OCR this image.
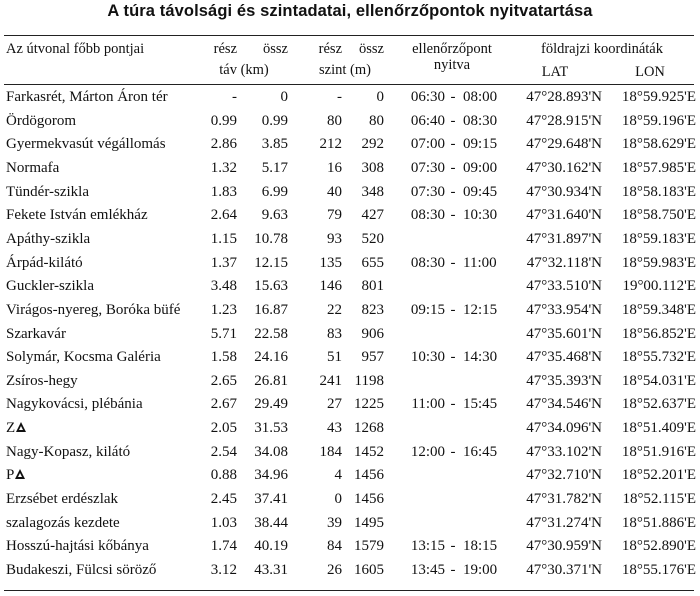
A túra távolsági és szintadatai, ellenőrzőpontok nyitvatartása
Az útvonal főbb pontjai	rész	össz
táv (km)
rész	össz
szint (m)
ellenőrzőpont
nyitva
földrajzi koordináták
LAT	LON
Farkasrét, Márton Áron tér	-	0	-	0	06:30 - 08:00	47°28.893'N	18°59.925'E
Ördögorom	0.99	0.99	80	80	06:40 - 08:30	47°28.915'N	18°59.196'E
Gyermekvasút végállomás	2.86	3.85	212	292	07:00 - 09:15	47°29.648'N	18°58.629'E
Normafa	1.32	5.17	16	308	07:30 - 09:00	47°30.162'N	18°57.985'E
Tündér-szikla	1.83	6.99	40	348	07:30 - 09:45	47°30.934'N	18°58.183'E
Fekete István emlékház	2.64	9.63	79	427	08:30 - 10:30	47°31.640'N	18°58.750'E
Apáthy-szikla	1.15	10.78	93	520	47°31.897'N	18°59.183'E
Árpád-kilátó	1.37	12.15	135	655	08:30 - 11:00	47°32.118'N	18°59.983'E
Guckler-szikla	3.48	15.63	146	801	47°33.510'N	19°00.112'E
Virágos-nyereg, Boróka büfé	1.23	16.87	22	823	09:15 - 12:15	47°33.954'N	18°59.348'E
Szarkavár	5.71	22.58	83	906	47°35.601'N	18°56.852'E
Solymár, Kocsma Galéria	1.58	24.16	51	957	10:30 - 14:30	47°35.468'N	18°55.732'E
Zsíros-hegy	2.65	26.81	241 1198	47°35.393'N	18°54.031'E
Nagykovácsi, plébánia	2.67	29.49	27 1225	11:00 - 15:45	47°34.546'N	18°52.637'E
Z	2.05	31.53	43 1268	47°34.096'N	18°51.409'E
Nagy-Kopasz, kilátó	2.54	34.08	184 1452	12:00 - 16:45	47°33.102'N	18°51.916'E
P	0.88	34.96	4 1456	47°32.710'N	18°52.201'E
Erzsébet erdészlak	2.45	37.41	0 1456	47°31.782'N	18°52.115'E
szalagozás kezdete	1.03	38.44	39 1495	47°31.274'N	18°51.886'E
Hosszú-hajtási kőbánya	1.74	40.19	84 1579	13:15 - 18:15	47°30.959'N	18°52.890'E
Budakeszi, Fülcsi söröző	3.12	43.31	26 1605	13:45 - 19:00	47°30.371'N	18°55.176'E
